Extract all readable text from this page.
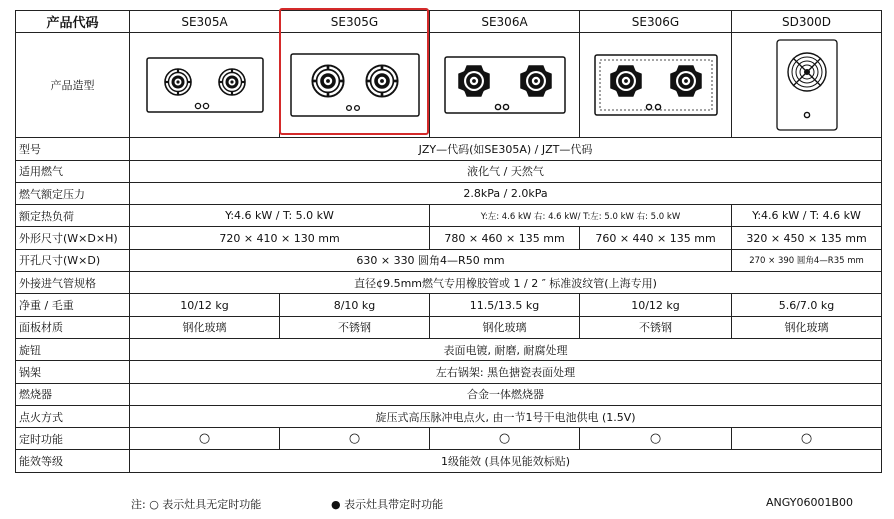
产品代码	SE305A	SE305G	SE306A	SE306G	SD300D
产品造型	

型号	JZY—代码(如SE305A) / JZT—代码				
适用燃气	液化气 / 天然气				
燃气额定压力	2.8kPa / 2.0kPa				
额定热负荷	Y:4.6 kW / T: 5.0 kW		Y:左: 4.6 kW 右: 4.6 kW/ T:左: 5.0 kW 右: 5.0 kW		Y:4.6 kW / T: 4.6 kW
外形尺寸(W×D×H)	720 × 410 × 130 mm		780 × 460 × 135 mm	760 × 440 × 135 mm	320 × 450 × 135 mm
开孔尺寸(W×D)	630 × 330 圆角4—R50 mm				270 × 390 圆角4—R35 mm
外接进气管规格	直径¢9.5mm燃气专用橡胶管或 1 / 2 ″ 标准波纹管(上海专用)				
净重 / 毛重	10/12 kg	8/10 kg	11.5/13.5 kg	10/12 kg	5.6/7.0 kg
面板材质	钢化玻璃	不锈钢	钢化玻璃	不锈钢	钢化玻璃
旋钮	表面电镀, 耐磨, 耐腐处理				
锅架	左右锅架: 黑色搪瓷表面处理				
燃烧器	合金一体燃烧器				
点火方式	旋压式高压脉冲电点火, 由一节1号干电池供电 (1.5V)				
定时功能	○	○	○	○	○
能效等级	1级能效 (具体见能效标贴)				
注: ○ 表示灶具无定时功能	● 表示灶具带定时功能	ANGY06001B00
